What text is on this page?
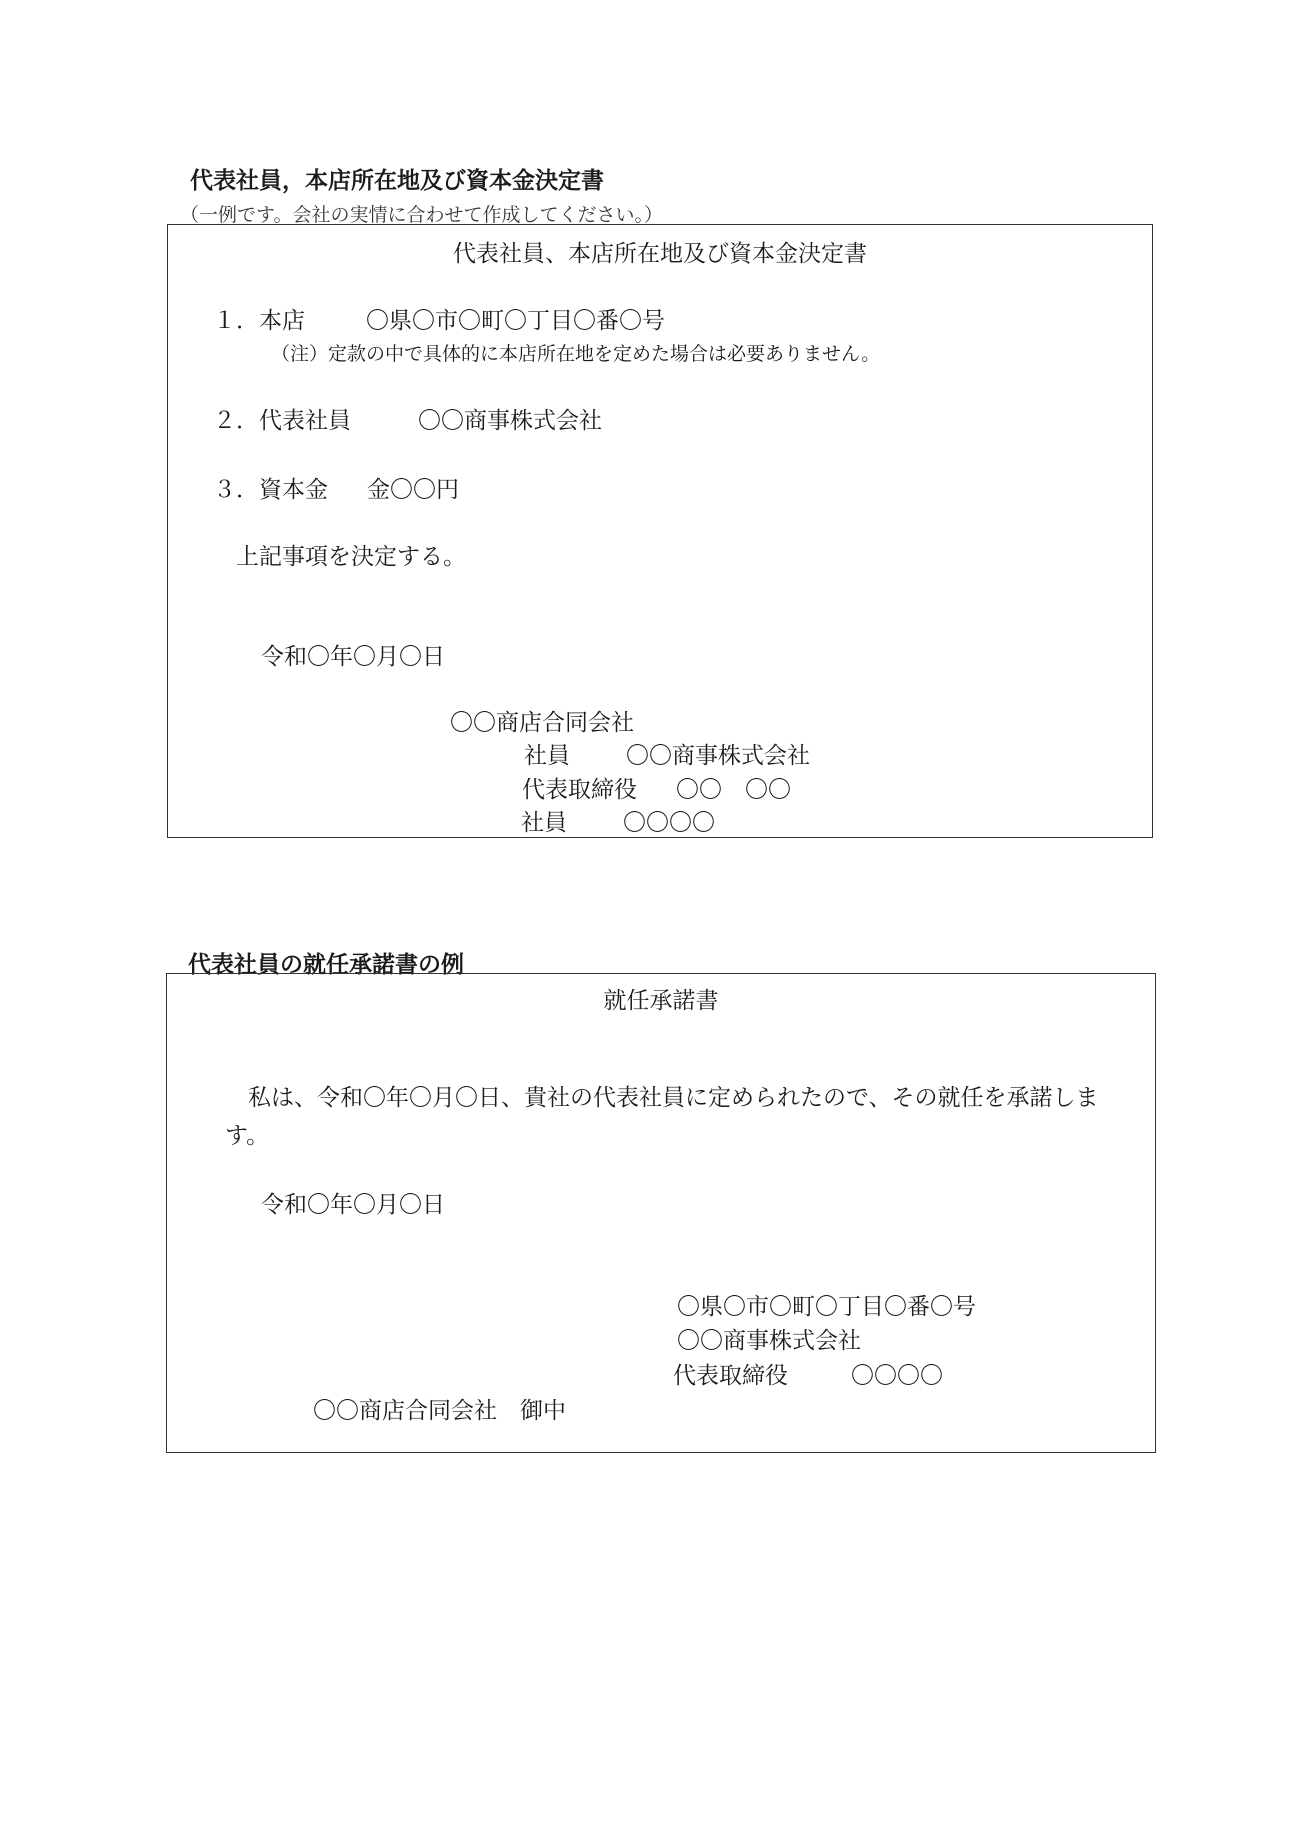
代表社員，本店所在地及び資本金決定書
（一例です。会社の実情に合わせて作成してください。）
代表社員、本店所在地及び資本金決定書
１．本店	〇県〇市〇町〇丁目〇番〇号
（注）定款の中で具体的に本店所在地を定めた場合は必要ありません。
２．代表社員	〇〇商事株式会社
３．資本金 金〇〇円
上記事項を決定する。
令和〇年〇月〇日
〇〇商店合同会社
社員 〇〇商事株式会社
代表取締役 〇〇　〇〇
社員 〇〇〇〇
代表社員の就任承諾書の例
就任承諾書
私は、令和〇年〇月〇日、貴社の代表社員に定められたので、その就任を承諾します。
令和〇年〇月〇日
〇県〇市〇町〇丁目〇番〇号
〇〇商事株式会社
代表取締役	〇〇〇〇
〇〇商店合同会社　御中
